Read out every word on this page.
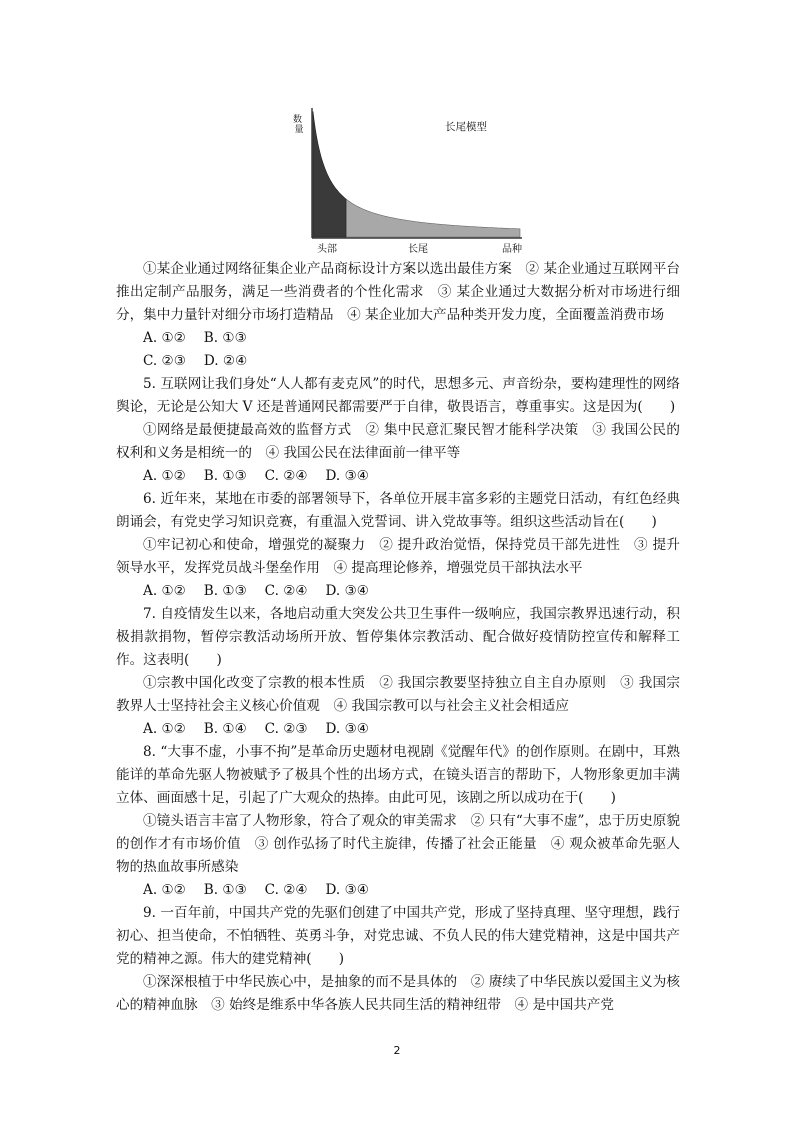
长尾模型
数 量
头部	长尾	品种

①某企业通过网络征集企业产品商标设计方案以选出最佳方案　② 某企业通过互联网平台推出定制产品服务，满足一些消费者的个性化需求　③ 某企业通过大数据分析对市场进行细分，集中力量针对细分市场打造精品　④ 某企业加大产品种类开发力度，全面覆盖消费市场

A. ①②　 B. ①③

C. ②③　 D. ②④

5. 互联网让我们身处“人人都有麦克风”的时代，思想多元、声音纷杂，要构建理性的网络舆论，无论是公知大 V 还是普通网民都需要严于自律，敬畏语言，尊重事实。这是因为(　　)

①网络是最便捷最高效的监督方式　② 集中民意汇聚民智才能科学决策　③ 我国公民的权利和义务是相统一的　④ 我国公民在法律面前一律平等

A. ①②　 B. ①③　 C. ②④　 D. ③④

6. 近年来，某地在市委的部署领导下，各单位开展丰富多彩的主题党日活动，有红色经典朗诵会，有党史学习知识竞赛，有重温入党誓词、讲入党故事等。组织这些活动旨在(　　)

①牢记初心和使命，增强党的凝聚力　② 提升政治觉悟，保持党员干部先进性　③ 提升领导水平，发挥党员战斗堡垒作用　④ 提高理论修养，增强党员干部执法水平

A. ①②　 B. ①③　 C. ②④　 D. ③④

7. 自疫情发生以来，各地启动重大突发公共卫生事件一级响应，我国宗教界迅速行动，积极捐款捐物，暂停宗教活动场所开放、暂停集体宗教活动、配合做好疫情防控宣传和解释工作。这表明(　　)

①宗教中国化改变了宗教的根本性质　② 我国宗教要坚持独立自主自办原则　③ 我国宗教界人士坚持社会主义核心价值观　④ 我国宗教可以与社会主义社会相适应

A. ①②　 B. ①④　 C. ②③　 D. ③④

8. “大事不虚，小事不拘”是革命历史题材电视剧《觉醒年代》的创作原则。在剧中，耳熟能详的革命先驱人物被赋予了极具个性的出场方式，在镜头语言的帮助下，人物形象更加丰满立体、画面感十足，引起了广大观众的热捧。由此可见，该剧之所以成功在于(　　)

①镜头语言丰富了人物形象，符合了观众的审美需求　② 只有“大事不虚”，忠于历史原貌的创作才有市场价值　③ 创作弘扬了时代主旋律，传播了社会正能量　④ 观众被革命先驱人物的热血故事所感染

A. ①②　 B. ①③　 C. ②④　 D. ③④

9. 一百年前，中国共产党的先驱们创建了中国共产党，形成了坚持真理、坚守理想，践行初心、担当使命，不怕牺牲、英勇斗争，对党忠诚、不负人民的伟大建党精神，这是中国共产党的精神之源。伟大的建党精神(　　)

①深深根植于中华民族心中，是抽象的而不是具体的　② 赓续了中华民族以爱国主义为核心的精神血脉　③ 始终是维系中华各族人民共同生活的精神纽带　④ 是中国共产党

2
